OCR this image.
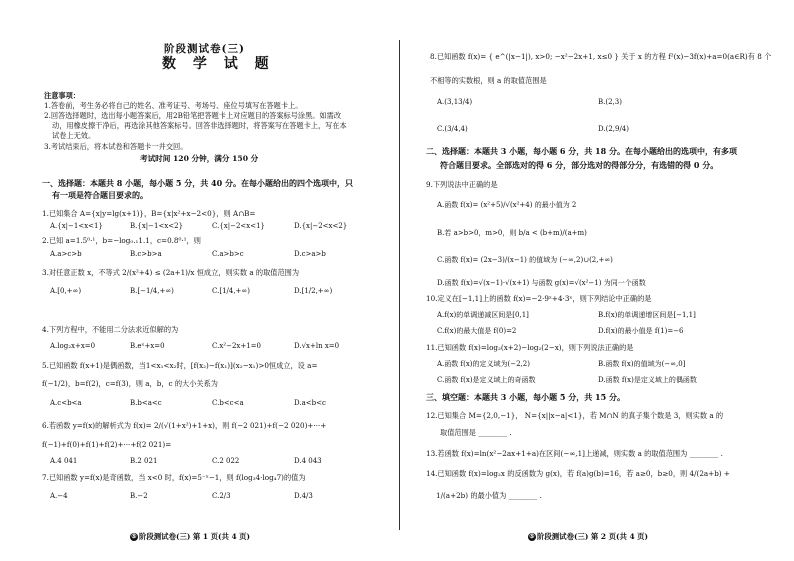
阶段测试卷(三)
数 学 试 题
注意事项：
1.答卷前，考生务必将自己的姓名、准考证号、考场号、座位号填写在答题卡上。
2.回答选择题时，选出每小题答案后，用2B铅笔把答题卡上对应题目的答案标号涂黑。如需改
动，用橡皮擦干净后，再选涂其他答案标号。回答非选择题时，将答案写在答题卡上，写在本
试卷上无效。
3.考试结束后，将本试卷和答题卡一并交回。
考试时间 120 分钟，满分 150 分
一、选择题：本题共 8 小题，每小题 5 分，共 40 分。在每小题给出的四个选项中，只
有一项是符合题目要求的。
1.已知集合 A={x|y=lg(x+1)}，B={x|x²+x−2<0}，则 A∩B=
A.{x|−1<x<1}	B.{x|−1<x<2}	C.{x|−2<x<1}	D.{x|−2<x<2}
2.已知 a=1.5⁰·¹，b=−log₀.₁1.1，c=0.8⁰·¹，则
A.a>c>b	B.c>b>a	C.a>b>c	D.c>a>b
3.对任意正数 x，不等式 2/(x²+4) ≤ (2a+1)/x 恒成立，则实数 a 的取值范围为
A.[0,+∞)	B.[−1/4,+∞)	C.[1/4,+∞)	D.[1/2,+∞)
4.下列方程中，不能用二分法求近似解的为
A.log₂x+x=0	B.eˣ+x=0	C.x²−2x+1=0	D.√x+ln x=0
5.已知函数 f(x+1)是偶函数，当1<x₁<x₂时，[f(x₂)−f(x₁)](x₂−x₁)>0恒成立，设 a=
f(−1/2)，b=f(2)，c=f(3)，则 a，b，c 的大小关系为
A.c<b<a	B.b<a<c	C.b<c<a	D.a<b<c
6.若函数 y=f(x)的解析式为 f(x)= 2/(√(1+x²)+1+x)，则 f(−2 021)+f(−2 020)+···+
f(−1)+f(0)+f(1)+f(2)+···+f(2 021)=
A.4 041	B.2 021	C.2 022	D.4 043
7.已知函数 y=f(x)是奇函数，当 x<0 时，f(x)=5⁻ˣ−1，则 f(log₃4·log₄7)的值为
A.−4	B.−2	C.2/3	D.4/3
⑤ 阶段测试卷(三) 第 1 页(共 4 页)
8.已知函数 f(x)= { e^(|x−1|), x>0; −x²−2x+1, x≤0 } 关于 x 的方程 f²(x)−3f(x)+a=0(a∈R)有 8 个
不相等的实数根，则 a 的取值范围是
A.(3,13/4)	B.(2,3)
C.(3/4,4)	D.(2,9/4)
二、选择题：本题共 3 小题，每小题 6 分，共 18 分。在每小题给出的选项中，有多项
符合题目要求。全部选对的得 6 分，部分选对的得部分分，有选错的得 0 分。
9.下列说法中正确的是
A.函数 f(x)= (x²+5)/√(x²+4) 的最小值为 2
B.若 a>b>0，m>0，则 b/a < (b+m)/(a+m)
C.函数 f(x)= (2x−3)/(x−1) 的值域为 (−∞,2)∪(2,+∞)
D.函数 f(x)=√(x−1)·√(x+1) 与函数 g(x)=√(x²−1) 为同一个函数
10.定义在[−1,1]上的函数 f(x)=−2·9ˣ+4·3ˣ，则下列结论中正确的是
A.f(x)的单调递减区间是[0,1]	B.f(x)的单调递增区间是[−1,1]
C.f(x)的最大值是 f(0)=2	D.f(x)的最小值是 f(1)=−6
11.已知函数 f(x)=log₂(x+2)−log₂(2−x)，则下列说法正确的是
A.函数 f(x)的定义域为(−2,2)	B.函数 f(x)的值域为(−∞,0]
C.函数 f(x)是定义域上的奇函数	D.函数 f(x)是定义域上的偶函数
三、填空题：本题共 3 小题，每小题 5 分，共 15 分。
12.已知集合 M={2,0,−1}， N={x||x−a|<1}，若 M∩N 的真子集个数是 3，则实数 a 的
取值范围是 ________ .
13.若函数 f(x)=ln(x²−2ax+1+a)在区间(−∞,1]上递减，则实数 a 的取值范围为 ________ .
14.已知函数 f(x)=log₂x 的反函数为 g(x)，若 f(a)g(b)=16，若 a≥0，b≥0，则 4/(2a+b) +
1/(a+2b) 的最小值为 ________ .
⑤ 阶段测试卷(三) 第 2 页(共 4 页)
